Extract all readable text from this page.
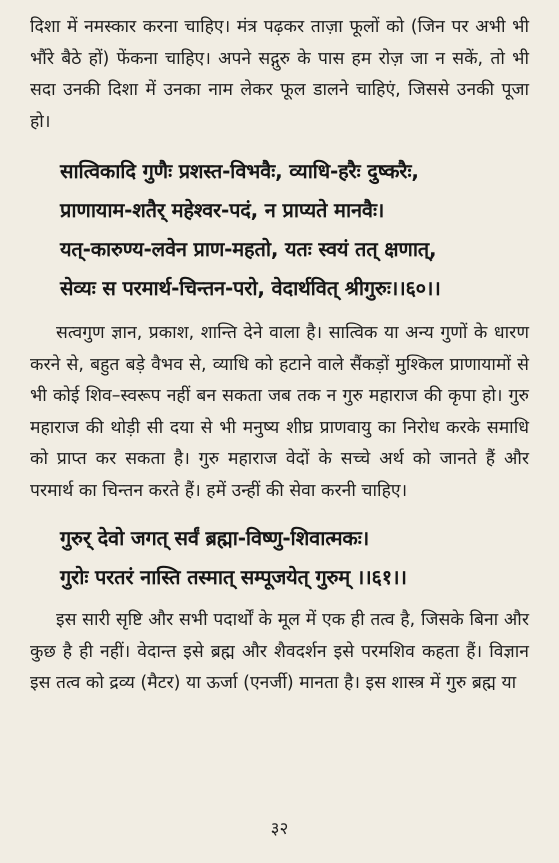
दिशा में नमस्कार करना चाहिए। मंत्र पढ़कर ताज़ा फूलों को (जिन पर अभी भी भौंरे बैठे हों) फेंकना चाहिए। अपने सद्गुरु के पास हम रोज़ जा न सकें, तो भी सदा उनकी दिशा में उनका नाम लेकर फूल डालने चाहिएं, जिससे उनकी पूजा हो।

सात्विकादि गुणैः प्रशस्त-विभवैः, व्याधि-हरैः दुष्करैः,

प्राणायाम-शतैर् महेश्वर-पदं, न प्राप्यते मानवैः।

यत्-कारुण्य-लवेन प्राण-महतो, यतः स्वयं तत् क्षणात्,

सेव्यः स परमार्थ-चिन्तन-परो, वेदार्थवित् श्रीगुरुः।।६०।।

सत्वगुण ज्ञान, प्रकाश, शान्ति देने वाला है। सात्विक या अन्य गुणों के धारण करने से, बहुत बड़े वैभव से, व्याधि को हटाने वाले सैंकड़ों मुश्किल प्राणायामों से भी कोई शिव–स्वरूप नहीं बन सकता जब तक न गुरु महाराज की कृपा हो। गुरु महाराज की थोड़ी सी दया से भी मनुष्य शीघ्र प्राणवायु का निरोध करके समाधि को प्राप्त कर सकता है। गुरु महाराज वेदों के सच्चे अर्थ को जानते हैं और परमार्थ का चिन्तन करते हैं। हमें उन्हीं की सेवा करनी चाहिए।

गुरुर् देवो जगत् सर्वं ब्रह्मा-विष्णु-शिवात्मकः।

गुरोः परतरं नास्ति तस्मात् सम्पूजयेत् गुरुम् ।।६१।।

इस सारी सृष्टि और सभी पदार्थों के मूल में एक ही तत्व है, जिसके बिना और कुछ है ही नहीं। वेदान्त इसे ब्रह्म और शैवदर्शन इसे परमशिव कहता हैं। विज्ञान इस तत्व को द्रव्य (मैटर) या ऊर्जा (एनर्जी) मानता है। इस शास्त्र में गुरु ब्रह्म या

३२
